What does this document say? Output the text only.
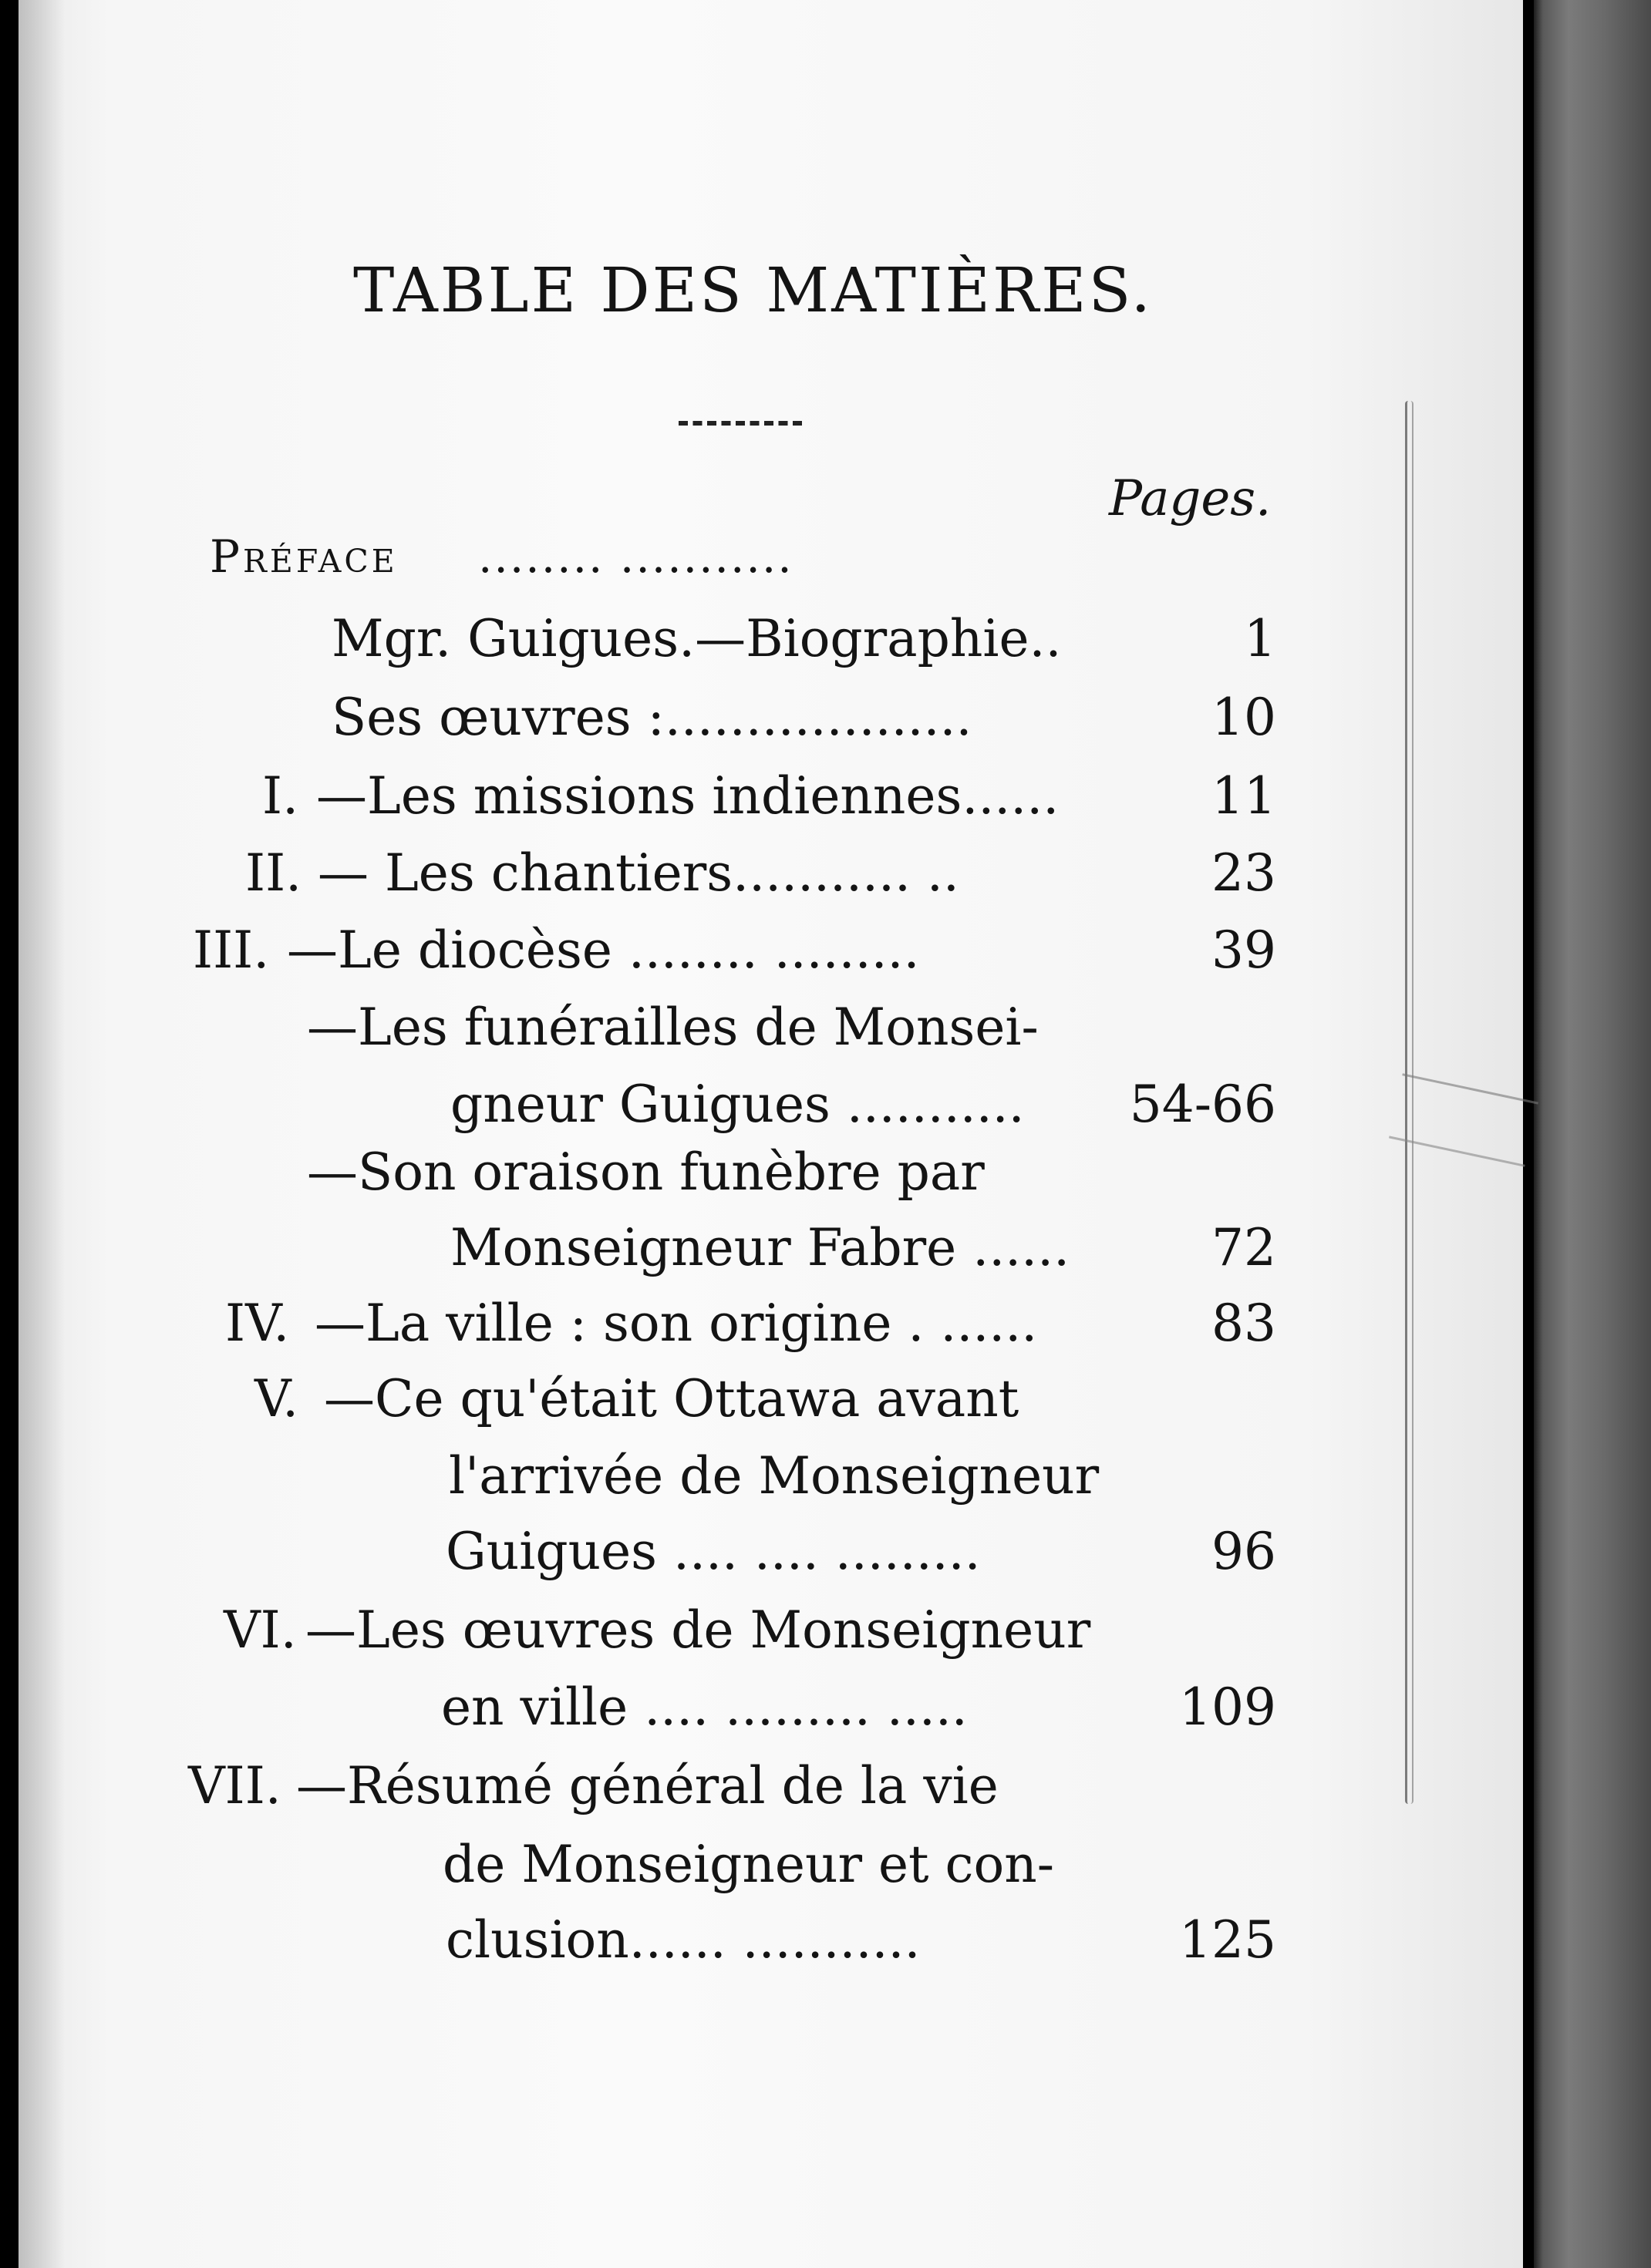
TABLE DES MATIÈRES.
Pages.
Préface ........ ...........
Mgr. Guigues.—Biographie..	1
Ses œuvres :...................	10
I. —Les missions indiennes......	11
II. — Les chantiers........... ..	23
III. —Le diocèse ........ .........	39
—Les funérailles de Monsei-
gneur Guigues ...........	54-66
—Son oraison funèbre par
Monseigneur Fabre ......	72
IV. —La ville : son origine . ......	83
V. —Ce qu'était Ottawa avant
l'arrivée de Monseigneur
Guigues .... .... .........	96
VI. —Les œuvres de Monseigneur
en ville .... ......... .....	109
VII. —Résumé général de la vie
de Monseigneur et con-
clusion...... ...........	125
